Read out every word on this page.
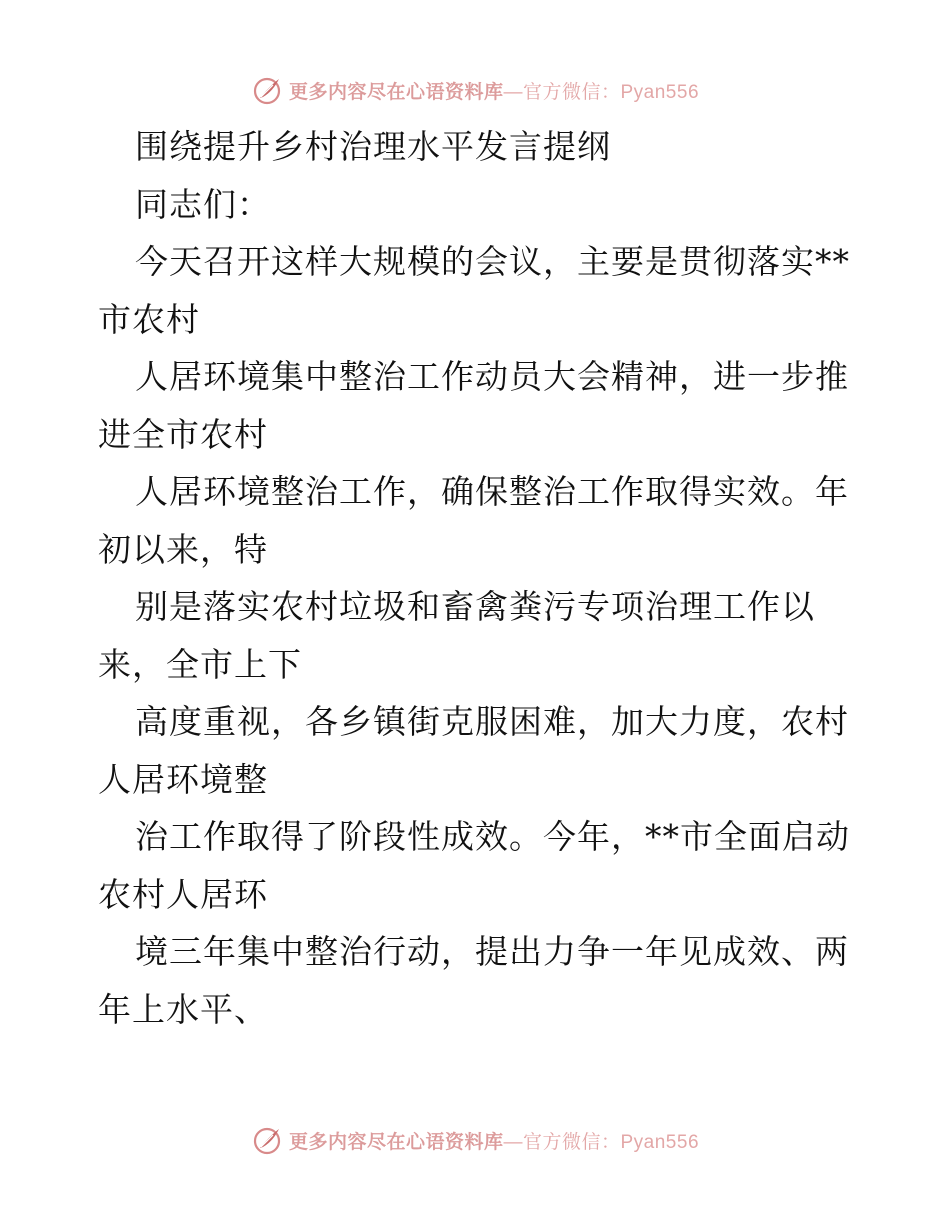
更多内容尽在心语资料库—官方微信：Pyan556
围绕提升乡村治理水平发言提纲
同志们：
今天召开这样大规模的会议，主要是贯彻落实**
市农村
人居环境集中整治工作动员大会精神，进一步推
进全市农村
人居环境整治工作，确保整治工作取得实效。年
初以来，特
别是落实农村垃圾和畜禽粪污专项治理工作以
来，全市上下
高度重视，各乡镇街克服困难，加大力度，农村
人居环境整
治工作取得了阶段性成效。今年，**市全面启动
农村人居环
境三年集中整治行动，提出力争一年见成效、两
年上水平、
更多内容尽在心语资料库—官方微信：Pyan556
